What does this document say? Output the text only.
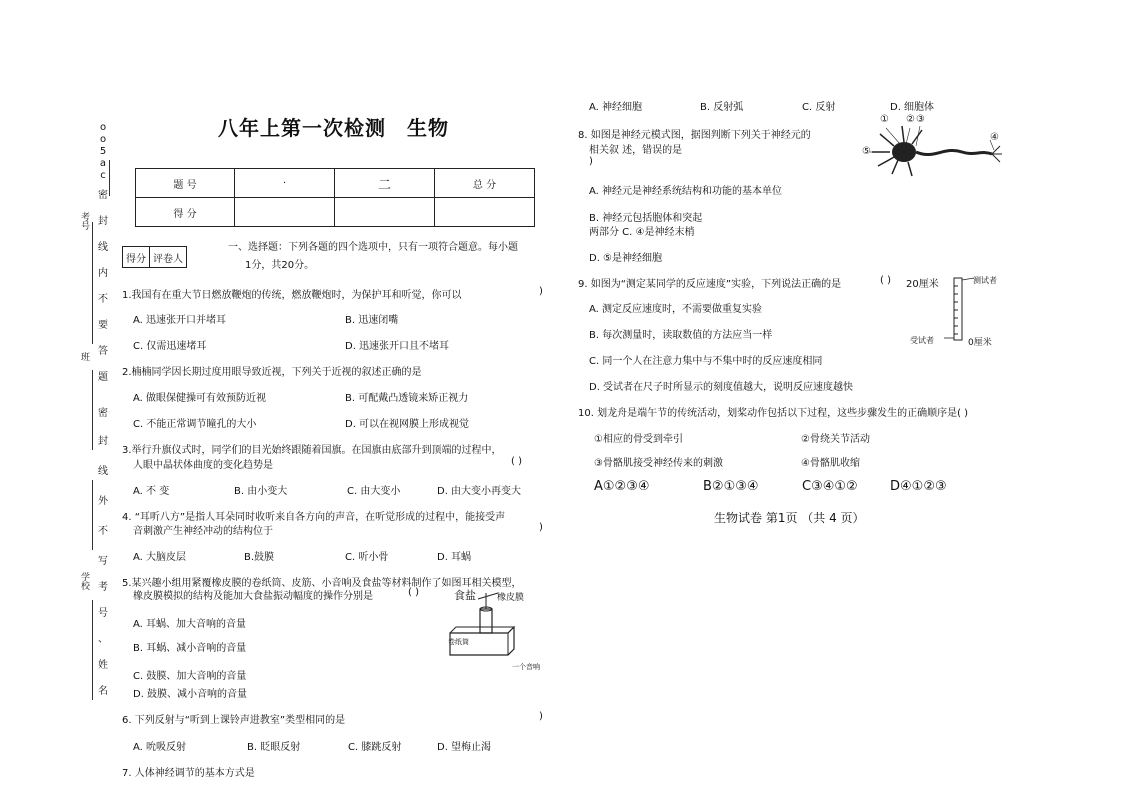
o
o
5
a
c
密
封
线
内
不
要
答
题
密
封
线
外
不
写
考
号
、
姓
名
考号
班
学校
八年上第一次检测　生物
题 号	·	二	总 分
得 分			
得分	评卷人
一、选择题：下列各题的四个选项中，只有一项符合题意。每小题
1分，共20分。
1.我国有在重大节日燃放鞭炮的传统，燃放鞭炮时，为保护耳和听觉，你可以	)
A. 迅速张开口并堵耳	B. 迅速闭嘴
C. 仅需迅速堵耳	D. 迅速张开口且不堵耳
2.楠楠同学因长期过度用眼导致近视，下列关于近视的叙述正确的是
A. 做眼保健操可有效预防近视	B. 可配戴凸透镜来矫正视力
C. 不能正常调节瞳孔的大小	D. 可以在视网膜上形成视觉
3.举行升旗仪式时，同学们的目光始终跟随着国旗。在国旗由底部升到顶端的过程中，
人眼中晶状体曲度的变化趋势是	( )
A. 不 变	B. 由小变大	C. 由大变小	D. 由大变小再变大
4. “耳听八方”是指人耳朵同时收听来自各方向的声音，在听觉形成的过程中，能接受声
音刺激产生神经冲动的结构位于	)
A. 大脑皮层	B.鼓膜	C. 听小骨	D. 耳蜗
5.某兴趣小组用紧覆橡皮膜的卷纸筒、皮筋、小音响及食盐等材料制作了如图耳相关模型，
橡皮膜模拟的结构及能加大食盐振动幅度的操作分别是	( )
A. 耳蜗、加大音响的音量
B. 耳蜗、减小音响的音量
C. 鼓膜、加大音响的音量
D. 鼓膜、减小音响的音量
食盐 橡皮膜
卷纸筒
一个音响
6. 下列反射与“听到上课铃声进教室”类型相同的是	)
A. 吮吸反射	B. 眨眼反射	C. 膝跳反射	D. 望梅止渴
7. 人体神经调节的基本方式是
A. 神经细胞	B. 反射弧	C. 反射	D. 细胞体
8. 如图是神经元模式图，据图判断下列关于神经元的
相关叙 述，错误的是
)
A. 神经元是神经系统结构和功能的基本单位
B. 神经元包括胞体和突起
两部分 C. ④是神经末梢
D. ⑤是神经细胞
① ② ③
④
⑤
9. 如图为“测定某同学的反应速度”实验，下列说法正确的是	( )
A. 测定反应速度时，不需要做重复实验
B. 每次测量时，读取数值的方法应当一样
C. 同一个人在注意力集中与不集中时的反应速度相同
D. 受试者在尺子时所显示的刻度值越大，说明反应速度越快
20厘米	测试者
受试者	0厘米
10. 划龙舟是端午节的传统活动，划桨动作包括以下过程，这些步骤发生的正确顺序是( )
①相应的骨受到牵引	②骨绕关节活动
③骨骼肌接受神经传来的刺激	④骨骼肌收缩
A①②③④	B②①③④	C③④①② D④①②③
生物试卷 第1页 （共 4 页）
